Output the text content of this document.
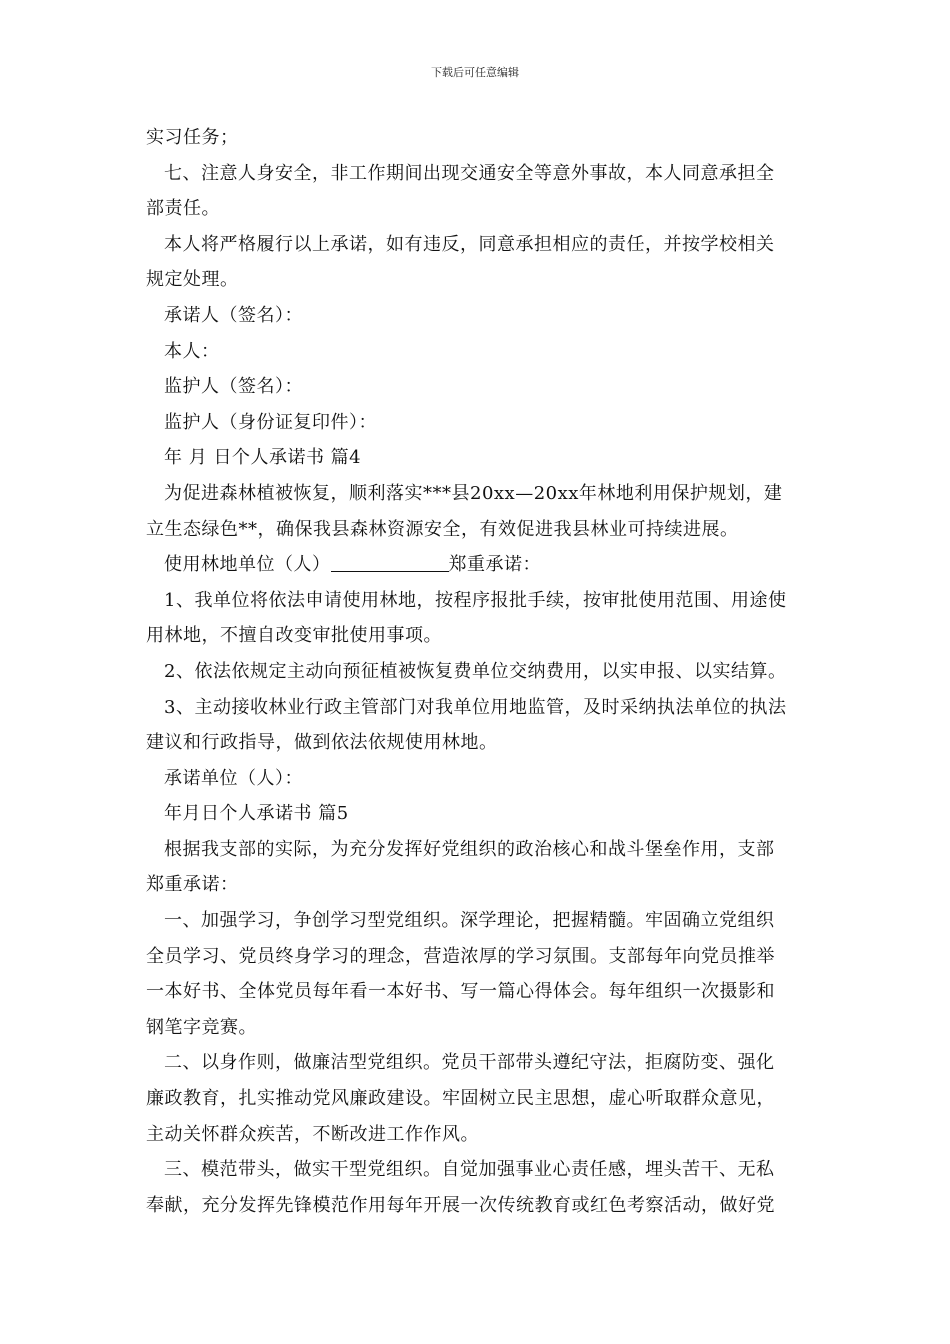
下载后可任意编辑
实习任务；
七、注意人身安全，非工作期间出现交通安全等意外事故，本人同意承担全
部责任。
本人将严格履行以上承诺，如有违反，同意承担相应的责任，并按学校相关
规定处理。
承诺人（签名）：
本人：
监护人（签名）：
监护人（身份证复印件）：
年 月 日个人承诺书 篇4
为促进森林植被恢复，顺利落实***县20xx—20xx年林地利用保护规划，建
立生态绿色**，确保我县森林资源安全，有效促进我县林业可持续进展。
使用林地单位（人）	郑重承诺：
1、我单位将依法申请使用林地，按程序报批手续，按审批使用范围、用途使
用林地，不擅自改变审批使用事项。
2、依法依规定主动向预征植被恢复费单位交纳费用，以实申报、以实结算。
3、主动接收林业行政主管部门对我单位用地监管，及时采纳执法单位的执法
建议和行政指导，做到依法依规使用林地。
承诺单位（人）：
年月日个人承诺书 篇5
根据我支部的实际，为充分发挥好党组织的政治核心和战斗堡垒作用，支部
郑重承诺：
一、加强学习，争创学习型党组织。深学理论，把握精髓。牢固确立党组织
全员学习、党员终身学习的理念，营造浓厚的学习氛围。支部每年向党员推举
一本好书、全体党员每年看一本好书、写一篇心得体会。每年组织一次摄影和
钢笔字竞赛。
二、以身作则，做廉洁型党组织。党员干部带头遵纪守法，拒腐防变、强化
廉政教育，扎实推动党风廉政建设。牢固树立民主思想，虚心听取群众意见，
主动关怀群众疾苦，不断改进工作作风。
三、模范带头，做实干型党组织。自觉加强事业心责任感，埋头苦干、无私
奉献，充分发挥先锋模范作用每年开展一次传统教育或红色考察活动，做好党
